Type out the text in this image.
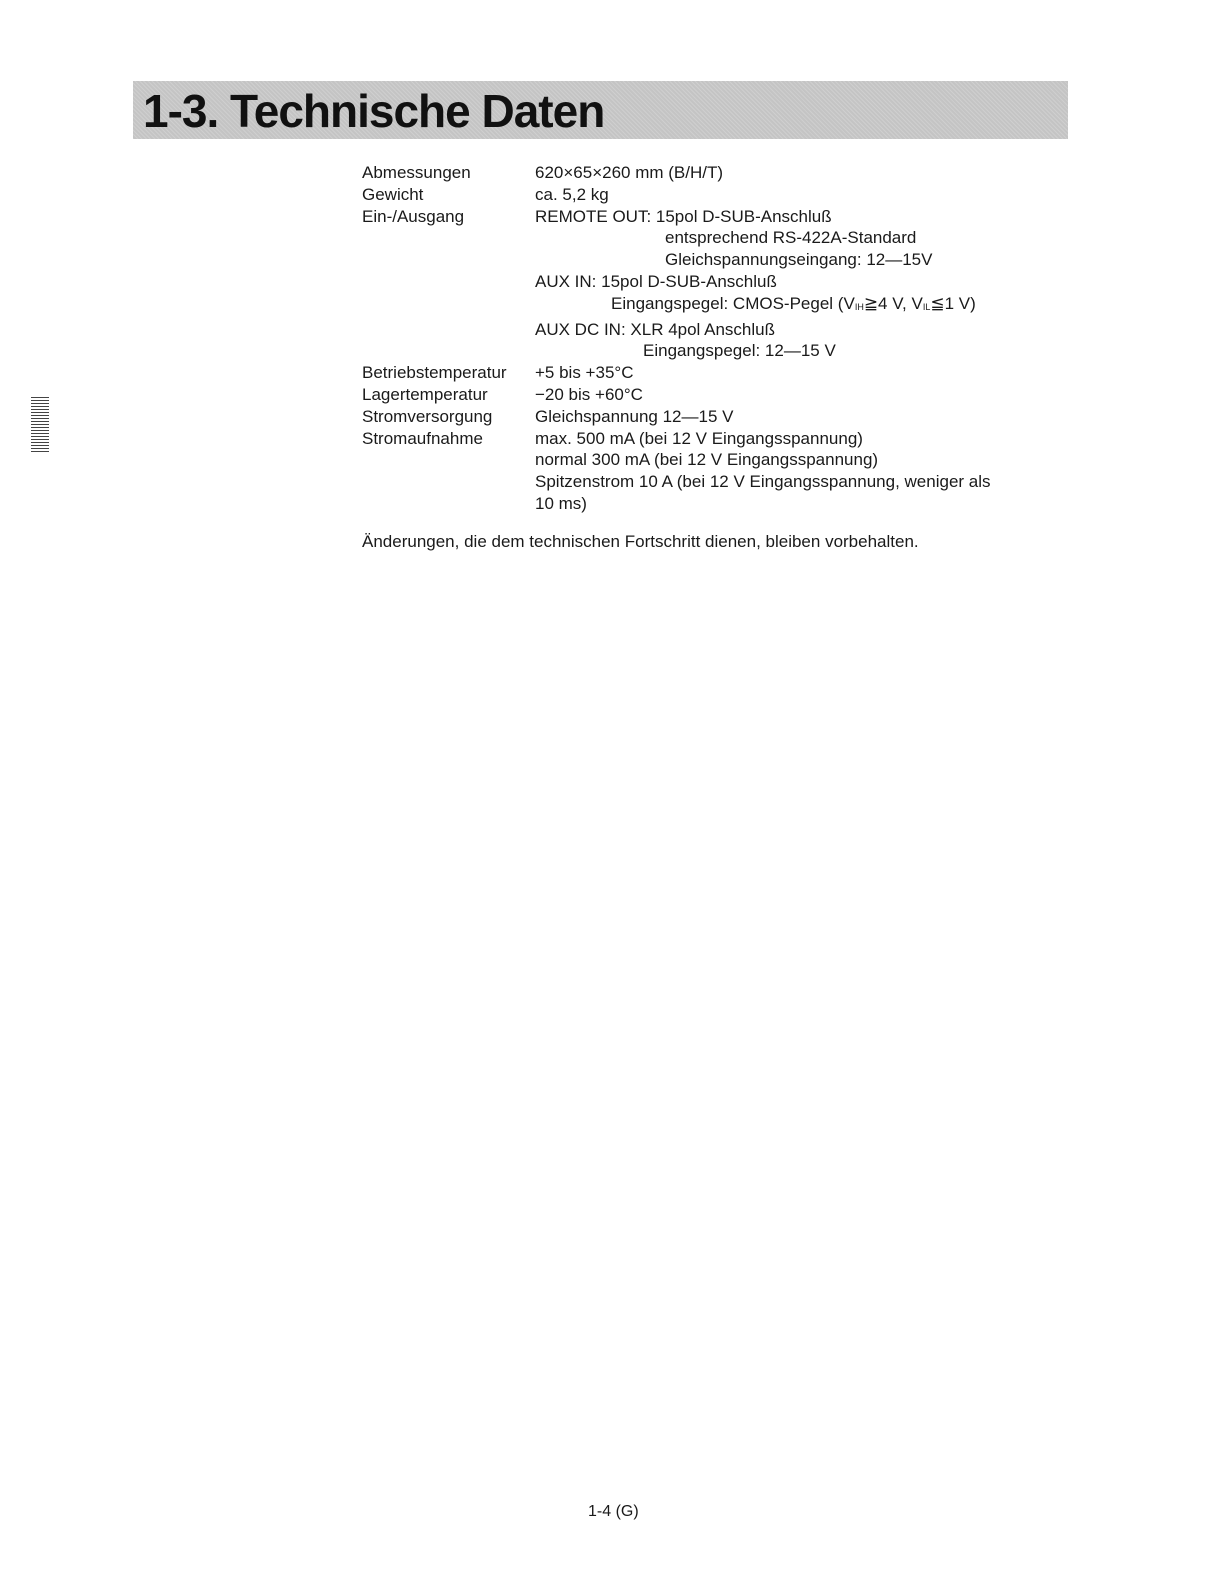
1-3. Technische Daten
Abmessungen	620×65×260 mm (B/H/T)
Gewicht	ca. 5,2 kg
Ein-/Ausgang	REMOTE OUT: 15pol D-SUB-Anschluß
entsprechend RS-422A-Standard
Gleichspannungseingang: 12—15V
AUX IN: 15pol D-SUB-Anschluß
Eingangspegel: CMOS-Pegel ($V_{IH}≧4$ V, $V_{IL}≦1$ V)
AUX DC IN: XLR 4pol Anschluß
Eingangspegel: 12—15 V
Betriebstemperatur	+5 bis +35°C
Lagertemperatur	−20 bis +60°C
Stromversorgung	Gleichspannung 12—15 V
Stromaufnahme	max. 500 mA (bei 12 V Eingangsspannung)
normal 300 mA (bei 12 V Eingangsspannung)
Spitzenstrom 10 A (bei 12 V Eingangsspannung, weniger als
10 ms)
Änderungen, die dem technischen Fortschritt dienen, bleiben vorbehalten.
1-4 (G)
